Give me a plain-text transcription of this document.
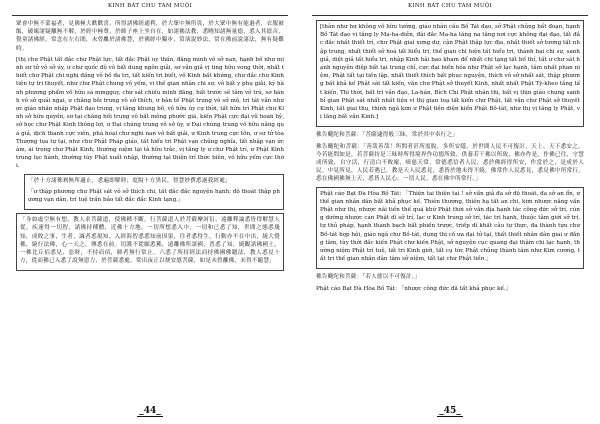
KINH BÁT CHU TAM MUỘI

眾會中無不蒙福者，見佛極大歡歡喜，所得諸佛經通利，於大眾中無所畏，於大眾中無有能過者，衣服被飯，破壞諸疑離無不解，於經中極尊，於師子座上坐自在，如諸佛法教，悉曉知諸無量德，悉入其億音，覺童諸佛經，常念在左右間，未曾離於諸佛慧，於佛經中獨步，常演說妙法，常在佛前說諸法，無有疑難時。

[thị chư Phật tất đắc chư Phật lực, tất đắc Phật uy thần, đăng minh vô sở nan, hạnh bố như minh sư tử vô sở úy, ư chư quốc độ vô bất dung ngôn giải, sơ văn giả vị ting hữu vong thời, nhất thiết chư Phật chi nghị đăng vô bồ đa tri, tất kiến tri biết, vô Kinh bất khứng, chư đắc chư Kinh tiện tự tri thuyết, như chư Phật chung vô yếm, vi thế gian nhân chi sư, vô bất y phụ giải, kỳ hành phương phẩm vô hữu sá mmgguy, chư sát chiếu minh đăng, bất trước sẽ tâm vô trú, sơ hành vô sở quải ngại, ư chăng bồi trung vô sở thích, ư bản tế Phật trung vô sở mộ, trì tát văn nhược giáo nhân nhập Phật đạo trung, vị tăng khung bồ, vô hữu úy cự thời, tất hữu trì Phật chư Kinh sở hữu quyền, sơ tại chăng bồi trung vô bất mông phước giá, kiến Phật cực đại vũ hoan hỷ, sở học chư Phật Kinh thông lợi, ư Đại chúng trung vô sở úy, ư Đại chúng trung vô hữu năng quá giả, dịch thanh cực viên, phá hoại chư nghi nan vô bất giải, ư Kinh trung cực tôn, ư sư tử tòa Thượng tọa tự tại, như chư Phật Pháp giáo, tất hiểu tri Phật vạn chủng nghĩa, tất nhập vạn ức âm, ái trọng chư Phật Kinh, thường niệm tại tả hữu trắc, vị tăng ly ư chư Phật trí, ư Phật Kinh trung lục hành, thường tùy Phật xuất nhập, thường tại thiện trí thức biên, vô hữu yếm cực thời.

「於十方諸佛剎無所適止，悉遍即解時；度脫十方黑民，智慧妙費悉遂我經處」

「ư thập phương chư Phật sát vô sở thích chi, tất đắc đắc nguyện hạnh; độ thoát thập phương vạn dân, trí tuệ trần bảo tất đắc đắc Kinh tạng.」

「身如虛空無有想，教人求菩薩道，使佛種不斷，行菩薩道人於菩薩摩訶衍，遠離釋論悉皆得解慧人從，疾速得一切智，諸佛持種體，近佛十方地，一切所想悉入中，一切和已悉了知，世間之態悉幾知，成敗之事，生者，滅者悉現知，入經海智悉悉知前因果，往者悉得生，行動亦不在中出，繞大覺佛，繞行法佛，心一天之，傳悉在前。切護不從願悉佛，遠離佛所諸國，普悉了知，繞觀諸佛國土，一佛比丘佰悉見，惡時，不持而佰，師者無行常止，六悉了所持經法而持佛國佛聽法，教人悉見十方，從而佛已入悉了說無恩力，於菩薩悉處。常出夜正以便安慰菩薩，如是未曾離佛，未得不隨慧」

_44_
KINH BÁT CHU TAM MUỘI

[thân như hư không vô hữu tướng, giáo nhân cầu Bồ Tát đạo, sở Phật chủng bất đoạn, hạnh Bồ Tát đạo vị tăng ly Ma-ha-diễn, đãi đắc Ma-ha tăng na tăng nơi cực không đại đạo, tất đắc đắc nhất thiết trí, chư Phật giai xưng dự, cận Phật thập lực địa, nhất thiết sở tương tất nhập trung, nhất thiết sở hoá tất hiểu tri, thế gian chi hiện tất hiểu tri, thành bại chi sự, sanh giả, diệt giả tất hiểu tri, nhập Kinh hải bao kham để nhất chi tạng tất bố thí, tất ư chư sát hạnh nguyện điệp bất tại trung chỉ, cực đại biến hóa như Phật sở lạc hạnh, tâm nhất phan niệm, Phật tất tại tiền lập, nhất thiết thích bất phục nguyện, thích vô sở nhất sát, thập phương bất khả kế Phật sát tất kiến, văn chư Phật sở thuyết Kinh, nhất nhất Phật Tỳ-kheo tăng tất kiến, Thì thời, bất trì văn đạo, La-hán, Bích Chi Phật nhân thị, bất vị thịn giáo chung sanh bỉ gian Phật sát nhất nhất tiện vi thị gian toạ tất kiến chư Phật, tất văn chư Phật sở thuyết Kinh, tất giai thụ, thính ngã kim ư Phật tiền diện kiến Phật Bồ-tát, như thị vị tăng ly Phật, vị tăng bất văn Kinh.]

佛告颰陀和菩薩：「菩薩逮得般三昧，常於其中奉行之」

佛告颰陀和菩薩：「善哉善哉！所問者甚所度脫，多所安隱，於世間人民不可復計，天上、天下悉安之。今若能問如是，若菩薩持是三昧時所得境界作功德所致，供養若干佛以所致，佛亦作是，作佛已往，守慧成所致，自守活，行清白不敗壞，嗔慈天常，常德悉信者人民，悉於佛經得所安，作當於之，是成於人民。中見所見，人民若遇已，教是天人民悉見，悉皆於地未得不繞。佛常作人民悉見，悉見佛中所常行，悉在佛國佛無上天，悉皆人民心，一切人民，悉在佛中所常行。」

Phật cáo Bạt Đà Hòa Bồ Tát: 「Thiện tai thiện tai ! sở vấn giả đa sở độ thoát, đa sở an ổn, ư thế gian nhân dân bất khả phục kế, Thiên thượng, thiên hạ tất an chi, kim nhược năng vấn Phật như thị, nhược nãi tiền thế quá khứ Phật thời sở văn địa hạnh tác công đức sở trí, cúng dường nhược can Phật dĩ sở trí, lạc ư Kinh trung sở trí, tác tri hạnh, thuộc tâm giới sở trí, tự thủ pháp, hạnh thanh bạch bất phiền trược, triếp dĩ khất câu tự thực, đa thành tựu chư Bồ-tát hợp hội, giáo ngã chư Bồ-tát, dụng thị cố ưa đại tử tại, thất thiết nhân dân giai ư đăng tâm, tùy thời đắc kiến Phật chư kiến Phật, sở nguyện cục quang đại thậm chi lạc hạnh, thường niệm Phật trí tuệ, tất tri Kinh giới, tất cụ tức Phật chủng thành tâm như Kim cương, tất tri thế gian nhân dân tâm sở niệm, tất tại chư Phật tiền.」

佛告颰陀和菩薩：「若人德以不可復計。」

Phật cáo Bạt Đà Hòa Bồ Tát: 「nhược công đức đã tất khả phục kế.」

_45_
